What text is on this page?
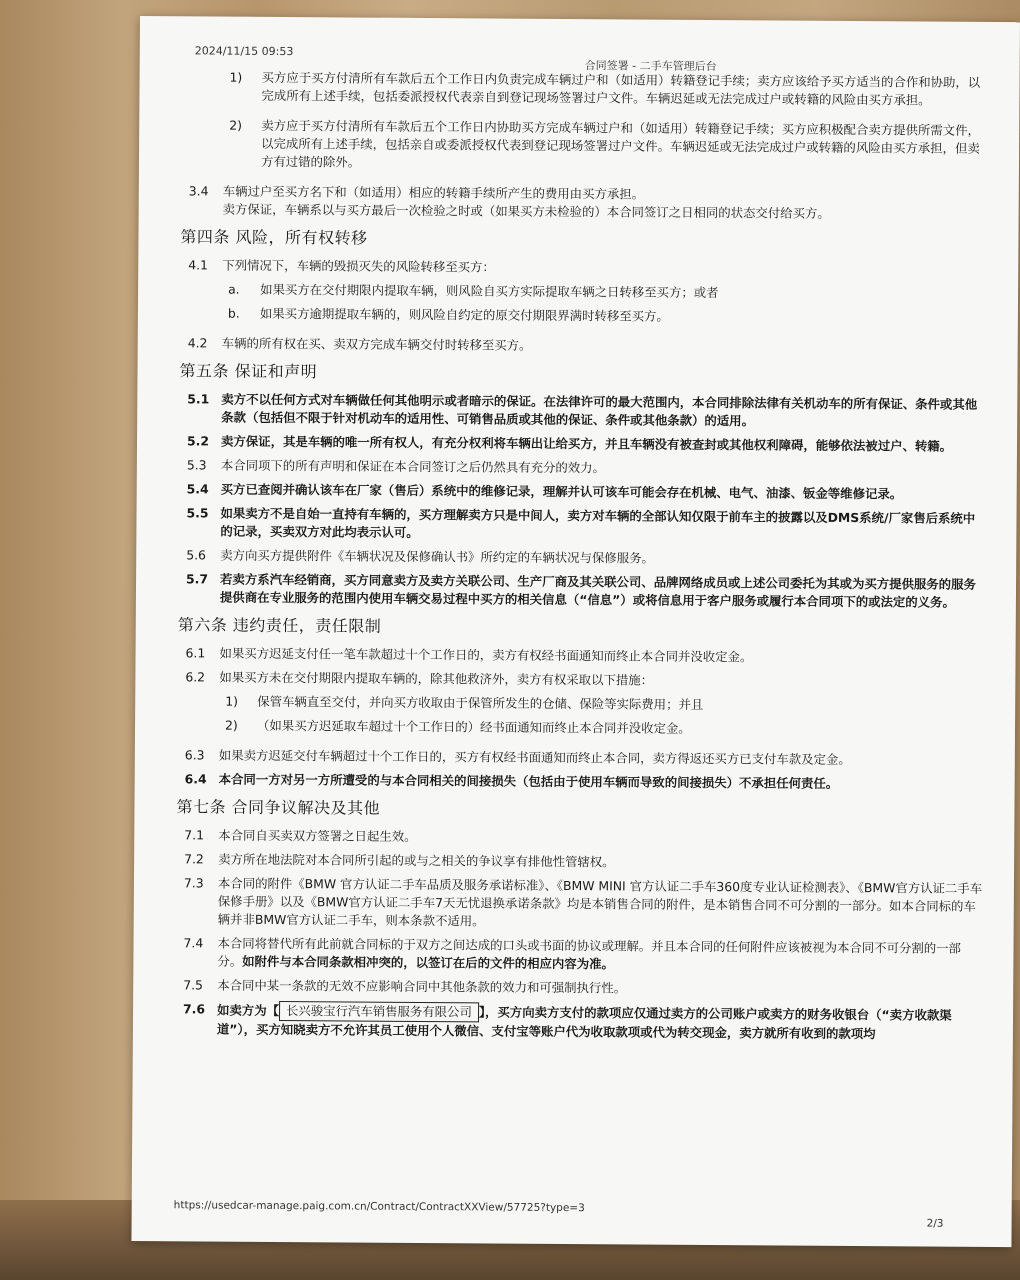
2024/11/15 09:53
合同签署 - 二手车管理后台
1)	买方应于买方付清所有车款后五个工作日内负责完成车辆过户和（如适用）转籍登记手续；卖方应该给予买方适当的合作和协助，以完成所有上述手续，包括委派授权代表亲自到登记现场签署过户文件。车辆迟延或无法完成过户或转籍的风险由买方承担。
2)	卖方应于买方付清所有车款后五个工作日内协助买方完成车辆过户和（如适用）转籍登记手续；买方应积极配合卖方提供所需文件，以完成所有上述手续，包括亲自或委派授权代表到登记现场签署过户文件。车辆迟延或无法完成过户或转籍的风险由买方承担，但卖方有过错的除外。
3.4	车辆过户至买方名下和（如适用）相应的转籍手续所产生的费用由买方承担。
卖方保证，车辆系以与买方最后一次检验之时或（如果买方未检验的）本合同签订之日相同的状态交付给买方。
第四条 风险，所有权转移
4.1	下列情况下，车辆的毁损灭失的风险转移至买方：
a.	如果买方在交付期限内提取车辆，则风险自买方实际提取车辆之日转移至买方；或者
b.	如果买方逾期提取车辆的，则风险自约定的原交付期限界满时转移至买方。
4.2	车辆的所有权在买、卖双方完成车辆交付时转移至买方。
第五条 保证和声明
5.1 卖方不以任何方式对车辆做任何其他明示或者暗示的保证。在法律许可的最大范围内，本合同排除法律有关机动车的所有保证、条件或其他条款（包括但不限于针对机动车的适用性、可销售品质或其他的保证、条件或其他条款）的适用。
5.2 卖方保证，其是车辆的唯一所有权人，有充分权利将车辆出让给买方，并且车辆没有被查封或其他权利障碍，能够依法被过户、转籍。
5.3	本合同项下的所有声明和保证在本合同签订之后仍然具有充分的效力。
5.4 买方已查阅并确认该车在厂家（售后）系统中的维修记录，理解并认可该车可能会存在机械、电气、油漆、钣金等维修记录。
5.5 如果卖方不是自始一直持有车辆的，买方理解卖方只是中间人，卖方对车辆的全部认知仅限于前车主的披露以及DMS系统/厂家售后系统中的记录，买卖双方对此均表示认可。
5.6	卖方向买方提供附件《车辆状况及保修确认书》所约定的车辆状况与保修服务。
5.7 若卖方系汽车经销商，买方同意卖方及卖方关联公司、生产厂商及其关联公司、品牌网络成员或上述公司委托为其或为买方提供服务的服务提供商在专业服务的范围内使用车辆交易过程中买方的相关信息（“信息”）或将信息用于客户服务或履行本合同项下的或法定的义务。
第六条 违约责任，责任限制
6.1	如果买方迟延支付任一笔车款超过十个工作日的，卖方有权经书面通知而终止本合同并没收定金。
6.2	如果买方未在交付期限内提取车辆的，除其他救济外，卖方有权采取以下措施：
1)	保管车辆直至交付，并向买方收取由于保管所发生的仓储、保险等实际费用；并且
2)	（如果买方迟延取车超过十个工作日的）经书面通知而终止本合同并没收定金。
6.3	如果卖方迟延交付车辆超过十个工作日的，买方有权经书面通知而终止本合同，卖方得返还买方已支付车款及定金。
6.4 本合同一方对另一方所遭受的与本合同相关的间接损失（包括由于使用车辆而导致的间接损失）不承担任何责任。
第七条 合同争议解决及其他
7.1	本合同自买卖双方签署之日起生效。
7.2	卖方所在地法院对本合同所引起的或与之相关的争议享有排他性管辖权。
7.3	本合同的附件《BMW 官方认证二手车品质及服务承诺标准》、《BMW MINI 官方认证二手车360度专业认证检测表》、《BMW官方认证二手车保修手册》以及《BMW官方认证二手车7天无忧退换承诺条款》均是本销售合同的附件，是本销售合同不可分割的一部分。如本合同标的车辆并非BMW官方认证二手车，则本条款不适用。
7.4	本合同将替代所有此前就合同标的于双方之间达成的口头或书面的协议或理解。并且本合同的任何附件应该被视为本合同不可分割的一部分。如附件与本合同条款相冲突的，以签订在后的文件的相应内容为准。
7.5	本合同中某一条款的无效不应影响合同中其他条款的效力和可强制执行性。
7.6 如卖方为【 长兴骏宝行汽车销售服务有限公司 】，买方向卖方支付的款项应仅通过卖方的公司账户或卖方的财务收银台（“卖方收款渠道”），买方知晓卖方不允许其员工使用个人微信、支付宝等账户代为收取款项或代为转交现金，卖方就所有收到的款项均
https://usedcar-manage.paig.com.cn/Contract/ContractXXView/57725?type=3
2/3
